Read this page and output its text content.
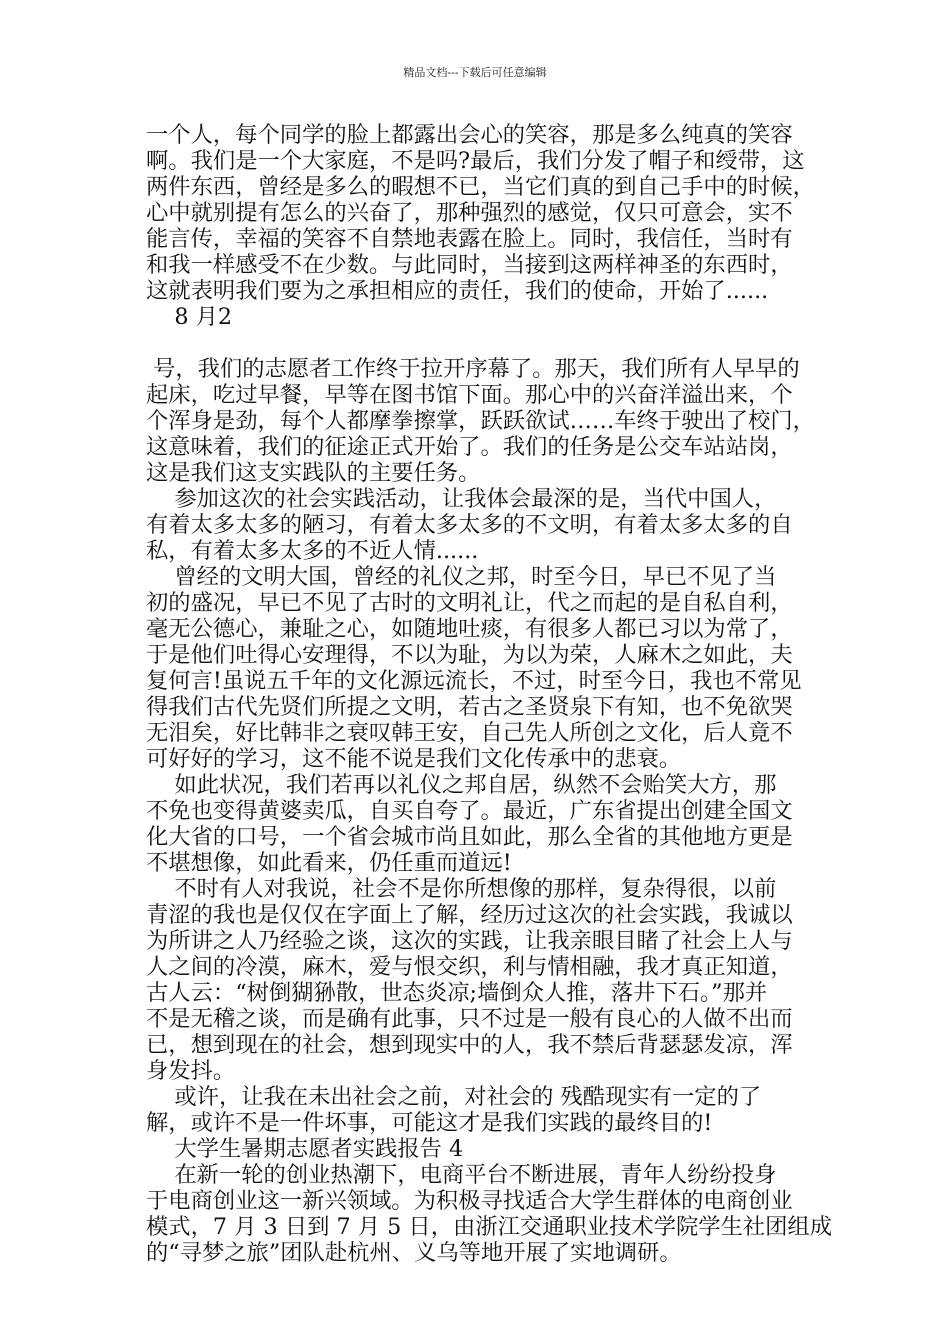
精品文档---下载后可任意编辑
一个人，每个同学的脸上都露出会心的笑容，那是多么纯真的笑容
啊。我们是一个大家庭，不是吗?最后，我们分发了帽子和绶带，这
两件东西，曾经是多么的暇想不已，当它们真的到自己手中的时候，
心中就别提有怎么的兴奋了，那种强烈的感觉，仅只可意会，实不
能言传，幸福的笑容不自禁地表露在脸上。同时，我信任，当时有
和我一样感受不在少数。与此同时，当接到这两样神圣的东西时，
这就表明我们要为之承担相应的责任，我们的使命，开始了......
8 月2
号，我们的志愿者工作终于拉开序幕了。那天，我们所有人早早的
起床，吃过早餐，早等在图书馆下面。那心中的兴奋洋溢出来，个
个浑身是劲，每个人都摩拳擦掌，跃跃欲试……车终于驶出了校门，
这意味着，我们的征途正式开始了。我们的任务是公交车站站岗，
这是我们这支实践队的主要任务。
参加这次的社会实践活动，让我体会最深的是，当代中国人，
有着太多太多的陋习，有着太多太多的不文明，有着太多太多的自
私，有着太多太多的不近人情......
曾经的文明大国，曾经的礼仪之邦，时至今日，早已不见了当
初的盛况，早已不见了古时的文明礼让，代之而起的是自私自利，
毫无公德心，兼耻之心，如随地吐痰，有很多人都已习以为常了，
于是他们吐得心安理得，不以为耻，为以为荣，人麻木之如此，夫
复何言!虽说五千年的文化源远流长，不过，时至今日，我也不常见
得我们古代先贤们所提之文明，若古之圣贤泉下有知，也不免欲哭
无泪矣，好比韩非之衰叹韩王安，自己先人所创之文化，后人竟不
可好好的学习，这不能不说是我们文化传承中的悲衰。
如此状况，我们若再以礼仪之邦自居，纵然不会贻笑大方，那
不免也变得黄婆卖瓜，自买自夸了。最近，广东省提出创建全国文
化大省的口号，一个省会城市尚且如此，那么全省的其他地方更是
不堪想像，如此看来，仍任重而道远!
不时有人对我说，社会不是你所想像的那样，复杂得很，以前
青涩的我也是仅仅在字面上了解，经历过这次的社会实践，我诚以
为所讲之人乃经验之谈，这次的实践，让我亲眼目睹了社会上人与
人之间的冷漠，麻木，爱与恨交织，利与情相融，我才真正知道，
古人云：“树倒猢狲散，世态炎凉;墙倒众人推，落井下石。”那并
不是无稽之谈，而是确有此事，只不过是一般有良心的人做不出而
已，想到现在的社会，想到现实中的人，我不禁后背瑟瑟发凉，浑
身发抖。
或许，让我在未出社会之前，对社会的 残酷现实有一定的了
解，或许不是一件坏事，可能这才是我们实践的最终目的!
大学生暑期志愿者实践报告 4
在新一轮的创业热潮下，电商平台不断进展，青年人纷纷投身
于电商创业这一新兴领域。为积极寻找适合大学生群体的电商创业
模式，7 月 3 日到 7 月 5 日，由浙江交通职业技术学院学生社团组成
的“寻梦之旅”团队赴杭州、义乌等地开展了实地调研。
